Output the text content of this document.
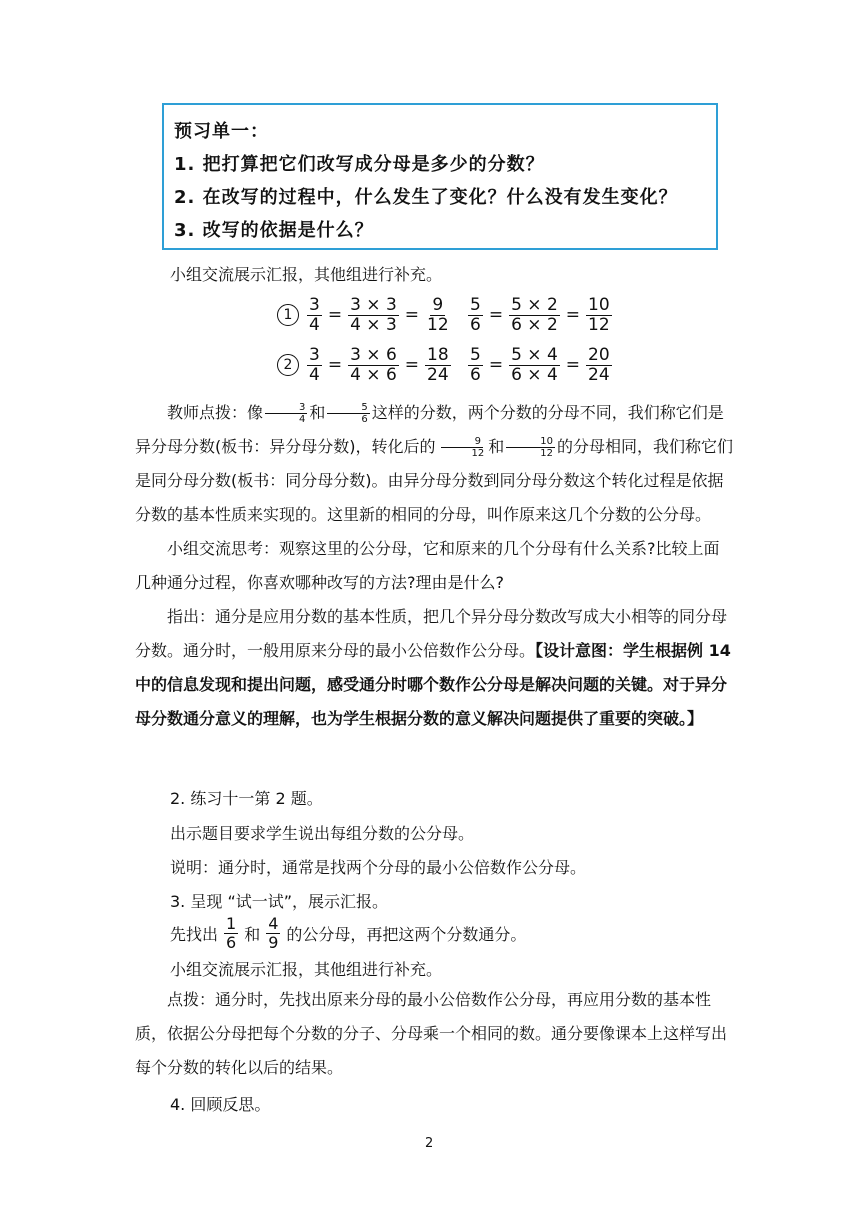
预习单一：

1. 把打算把它们改写成分母是多少的分数？

2. 在改写的过程中，什么发生了变化？什么没有发生变化？

3. 改写的依据是什么？

小组交流展示汇报，其他组进行补充。
$1 \frac{3}{4} = \frac{3 \times 3}{4 \times 3} = \frac{9}{12} \frac{5}{6} = \frac{5 \times 2}{6 \times 2} = \frac{10}{12}$
$2 \frac{3}{4} = \frac{3 \times 6}{4 \times 6} = \frac{18}{24} \frac{5}{6} = \frac{5 \times 4}{6 \times 4} = \frac{20}{24}$

教师点拨：像 $\frac{3}{4}$ 和 $\frac{5}{6}$ 这样的分数，两个分数的分母不同，我们称它们是异分母分数(板书：异分母分数)，转化后的 $\frac{9}{12}$ 和 $\frac{10}{12}$ 的分母相同，我们称它们是同分母分数(板书：同分母分数)。由异分母分数到同分母分数这个转化过程是依据分数的基本性质来实现的。这里新的相同的分母，叫作原来这几个分数的公分母。

小组交流思考：观察这里的公分母，它和原来的几个分母有什么关系?比较上面几种通分过程，你喜欢哪种改写的方法?理由是什么?

指出：通分是应用分数的基本性质，把几个异分母分数改写成大小相等的同分母分数。通分时，一般用原来分母的最小公倍数作公分母。【设计意图：学生根据例 14 中的信息发现和提出问题，感受通分时哪个数作公分母是解决问题的关键。对于异分母分数通分意义的理解，也为学生根据分数的意义解决问题提供了重要的突破。】

2. 练习十一第 2 题。
出示题目要求学生说出每组分数的公分母。
说明：通分时，通常是找两个分母的最小公倍数作公分母。
3. 呈现 “试一试”，展示汇报。
先找出 $\frac{1}{6}$ 和 $\frac{4}{9}$ 的公分母，再把这两个分数通分。
小组交流展示汇报，其他组进行补充。

点拨：通分时，先找出原来分母的最小公倍数作公分母，再应用分数的基本性质，依据公分母把每个分数的分子、分母乘一个相同的数。通分要像课本上这样写出每个分数的转化以后的结果。

4. 回顾反思。
2
